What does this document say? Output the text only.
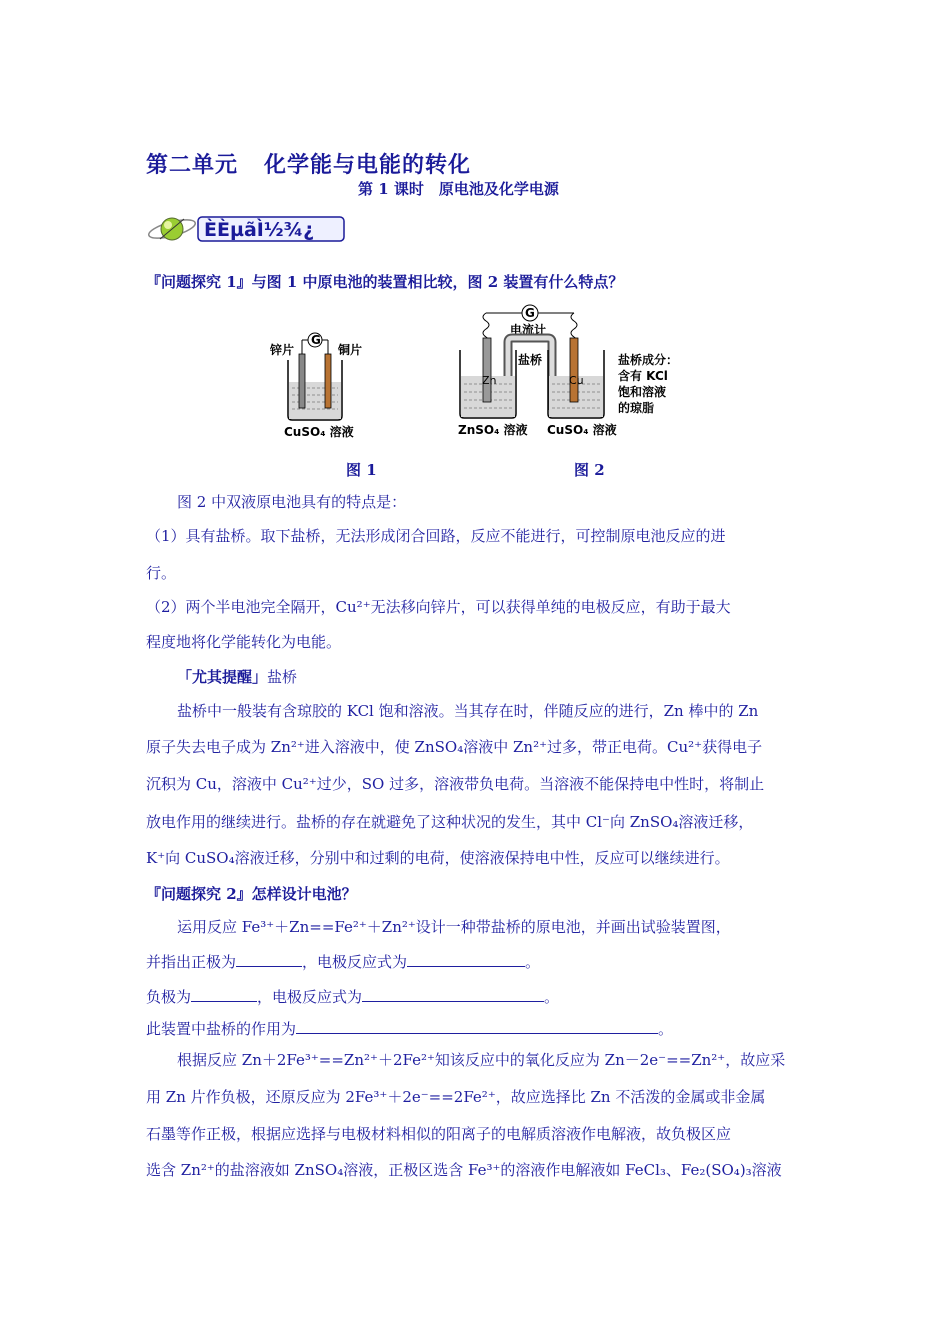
第二单元 化学能与电能的转化
第 1 课时　原电池及化学电源
ÈÈµãÌ½¾¿
『问题探究 1』与图 1 中原电池的装置相比较，图 2 装置有什么特点？
G
锌片	铜片
CuSO₄ 溶液
G
电流计
盐桥
Zn	Cu
ZnSO₄ 溶液 CuSO₄ 溶液
盐桥成分：
含有 KCl
饱和溶液
的琼脂
图 1	图 2
图 2 中双液原电池具有的特点是：
（1）具有盐桥。取下盐桥，无法形成闭合回路，反应不能进行，可控制原电池反应的进
行。
（2）两个半电池完全隔开，Cu²⁺无法移向锌片，可以获得单纯的电极反应，有助于最大
程度地将化学能转化为电能。
「尤其提醒」盐桥
盐桥中一般装有含琼胶的 KCl 饱和溶液。当其存在时，伴随反应的进行，Zn 棒中的 Zn
原子失去电子成为 Zn²⁺进入溶液中，使 ZnSO₄溶液中 Zn²⁺过多，带正电荷。Cu²⁺获得电子
沉积为 Cu，溶液中 Cu²⁺过少，SO 过多，溶液带负电荷。当溶液不能保持电中性时，将制止
放电作用的继续进行。盐桥的存在就避免了这种状况的发生，其中 Cl⁻向 ZnSO₄溶液迁移，
K⁺向 CuSO₄溶液迁移，分别中和过剩的电荷，使溶液保持电中性，反应可以继续进行。
『问题探究 2』怎样设计电池？
运用反应 Fe³⁺＋Zn==Fe²⁺＋Zn²⁺设计一种带盐桥的原电池，并画出试验装置图，
并指出正极为	，电极反应式为	。
负极为	，电极反应式为	。
此装置中盐桥的作用为	。
根据反应 Zn＋2Fe³⁺==Zn²⁺＋2Fe²⁺知该反应中的氧化反应为 Zn－2e⁻==Zn²⁺，故应采
用 Zn 片作负极，还原反应为 2Fe³⁺＋2e⁻==2Fe²⁺，故应选择比 Zn 不活泼的金属或非金属
石墨等作正极，根据应选择与电极材料相似的阳离子的电解质溶液作电解液，故负极区应
选含 Zn²⁺的盐溶液如 ZnSO₄溶液，正极区选含 Fe³⁺的溶液作电解液如 FeCl₃、Fe₂(SO₄)₃溶液
